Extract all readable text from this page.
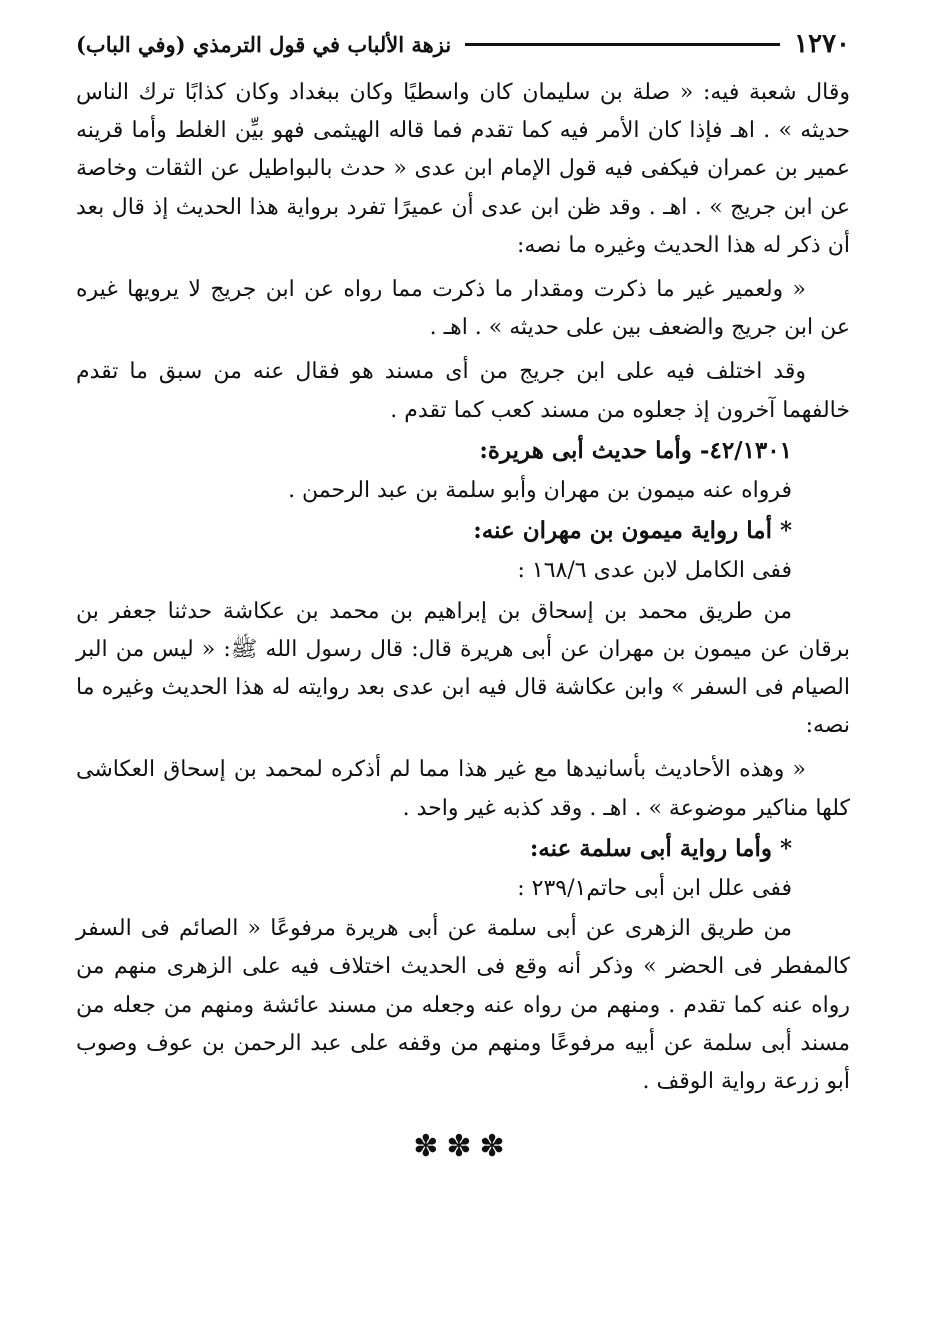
١٢٧٠
نزهة الألباب في قول الترمذي (وفي الباب)

وقال شعبة فيه: « صلة بن سليمان كان واسطيًا وكان ببغداد وكان كذابًا ترك الناس حديثه » . اهـ فإذا كان الأمر فيه كما تقدم فما قاله الهيثمى فهو بيِّن الغلط وأما قرينه عمير بن عمران فيكفى فيه قول الإمام ابن عدى « حدث بالبواطيل عن الثقات وخاصة عن ابن جريج » . اهـ . وقد ظن ابن عدى أن عميرًا تفرد برواية هذا الحديث إذ قال بعد أن ذكر له هذا الحديث وغيره ما نصه:

« ولعمير غير ما ذكرت ومقدار ما ذكرت مما رواه عن ابن جريج لا يرويها غيره عن ابن جريج والضعف بين على حديثه » . اهـ .

وقد اختلف فيه على ابن جريج من أى مسند هو فقال عنه من سبق ما تقدم خالفهما آخرون إذ جعلوه من مسند كعب كما تقدم .

٤٢/١٣٠١- وأما حديث أبى هريرة:

فرواه عنه ميمون بن مهران وأبو سلمة بن عبد الرحمن .

* أما رواية ميمون بن مهران عنه:

ففى الكامل لابن عدى ١٦٨/٦ :

من طريق محمد بن إسحاق بن إبراهيم بن محمد بن عكاشة حدثنا جعفر بن برقان عن ميمون بن مهران عن أبى هريرة قال: قال رسول الله ﷺ: « ليس من البر الصيام فى السفر » وابن عكاشة قال فيه ابن عدى بعد روايته له هذا الحديث وغيره ما نصه:

« وهذه الأحاديث بأسانيدها مع غير هذا مما لم أذكره لمحمد بن إسحاق العكاشى كلها مناكير موضوعة » . اهـ . وقد كذبه غير واحد .

* وأما رواية أبى سلمة عنه:

ففى علل ابن أبى حاتم٢٣٩/١ :

من طريق الزهرى عن أبى سلمة عن أبى هريرة مرفوعًا « الصائم فى السفر كالمفطر فى الحضر » وذكر أنه وقع فى الحديث اختلاف فيه على الزهرى منهم من رواه عنه كما تقدم . ومنهم من رواه عنه وجعله من مسند عائشة ومنهم من جعله من مسند أبى سلمة عن أبيه مرفوعًا ومنهم من وقفه على عبد الرحمن بن عوف وصوب أبو زرعة رواية الوقف .

✽✽✽
